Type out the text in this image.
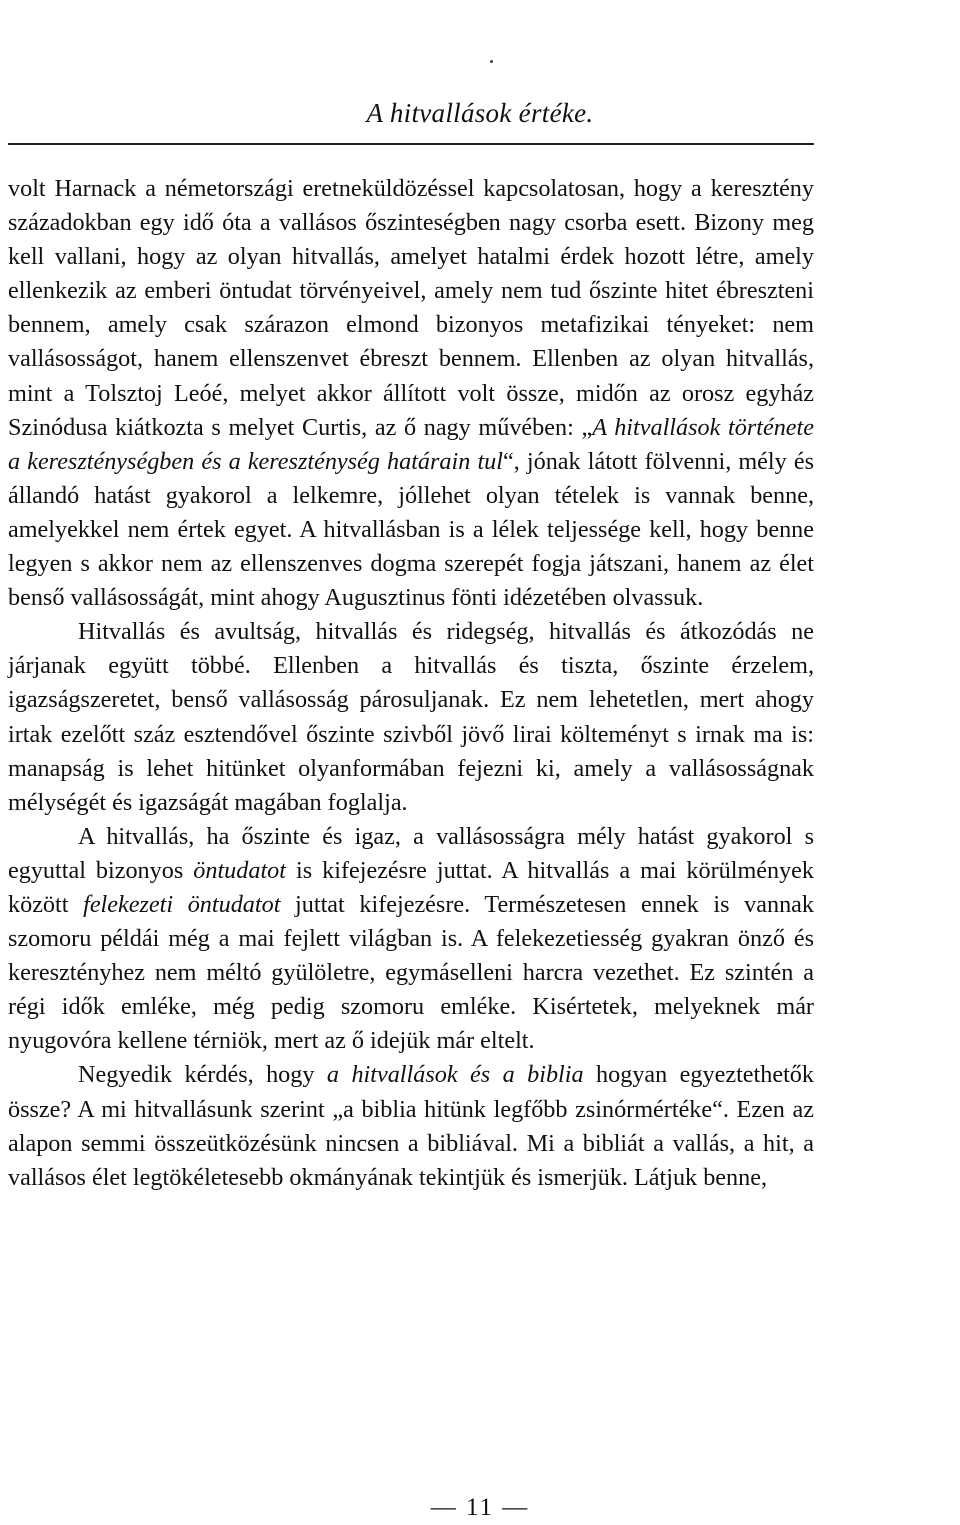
A hitvallások értéke.

volt Harnack a németországi eretneküldözéssel kapcsolatosan, hogy a keresztény századokban egy idő óta a vallásos őszinteségben nagy csorba esett. Bizony meg kell vallani, hogy az olyan hitvallás, amelyet hatalmi érdek hozott létre, amely ellenkezik az emberi öntudat törvényeivel, amely nem tud őszinte hitet ébreszteni bennem, amely csak szárazon elmond bizonyos metafizikai tényeket: nem vallásosságot, hanem ellenszenvet ébreszt bennem. Ellenben az olyan hitvallás, mint a Tolsztoj Leóé, melyet akkor állított volt össze, midőn az orosz egyház Szinódusa kiátkozta s melyet Curtis, az ő nagy művében: „A hitvallások története a kereszténységben és a kereszténység határain tul“, jónak látott fölvenni, mély és állandó hatást gyakorol a lelkemre, jóllehet olyan tételek is vannak benne, amelyekkel nem értek egyet. A hitvallásban is a lélek teljessége kell, hogy benne legyen s akkor nem az ellenszenves dogma szerepét fogja játszani, hanem az élet benső vallásosságát, mint ahogy Augusztinus fönti idézetében olvassuk.

Hitvallás és avultság, hitvallás és ridegség, hitvallás és átkozódás ne járjanak együtt többé. Ellenben a hitvallás és tiszta, őszinte érzelem, igazságszeretet, benső vallásosság párosuljanak. Ez nem lehetetlen, mert ahogy irtak ezelőtt száz esztendővel őszinte szivből jövő lirai költeményt s irnak ma is: manapság is lehet hitünket olyanformában fejezni ki, amely a vallásosságnak mélységét és igazságát magában foglalja.

A hitvallás, ha őszinte és igaz, a vallásosságra mély hatást gyakorol s egyuttal bizonyos öntudatot is kifejezésre juttat. A hitvallás a mai körülmények között felekezeti öntudatot juttat kifejezésre. Természetesen ennek is vannak szomoru példái még a mai fejlett világban is. A felekezetiesség gyakran önző és keresztényhez nem méltó gyülöletre, egymáselleni harcra vezethet. Ez szintén a régi idők emléke, még pedig szomoru emléke. Kisértetek, melyeknek már nyugovóra kellene térniök, mert az ő idejük már eltelt.

Negyedik kérdés, hogy a hitvallások és a biblia hogyan egyeztethetők össze? A mi hitvallásunk szerint „a biblia hitünk legfőbb zsinórmértéke“. Ezen az alapon semmi összeütközésünk nincsen a bibliával. Mi a bibliát a vallás, a hit, a vallásos élet legtökéletesebb okmányának tekintjük és ismerjük. Látjuk benne,

— 11 —
